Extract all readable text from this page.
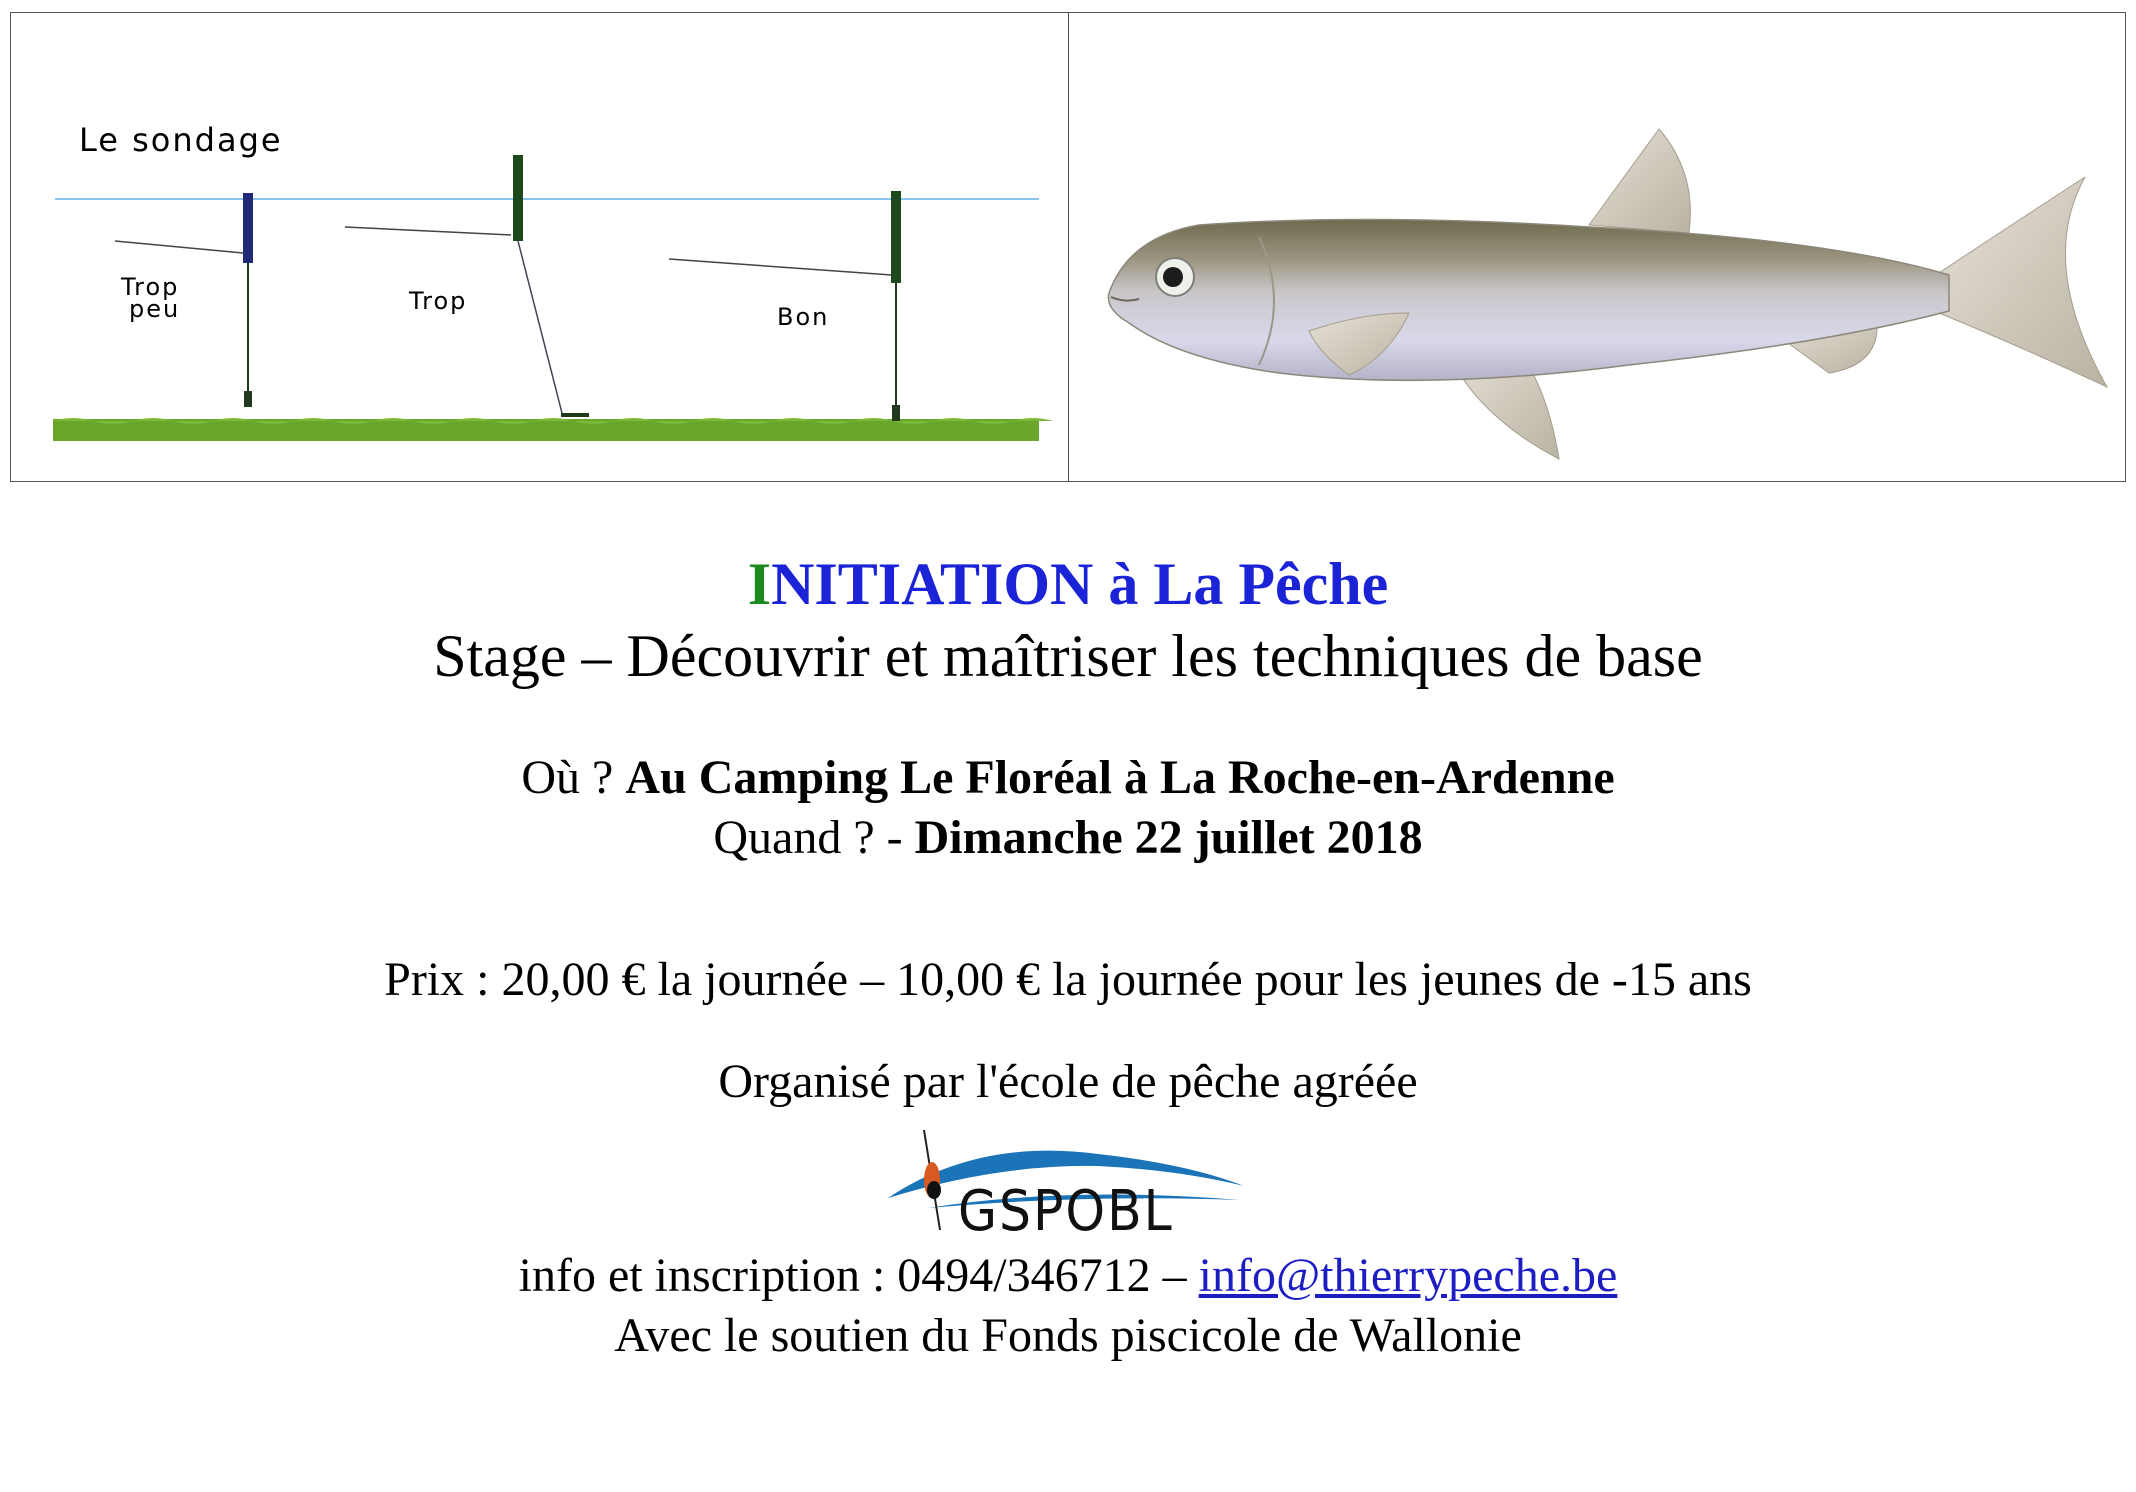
Le sondage
Trop
peu	Trop
Bon

INITIATION à La Pêche

Stage – Découvrir et maîtriser les techniques de base

Où ? Au Camping Le Floréal à La Roche-en-Ardenne

Quand ? - Dimanche 22 juillet 2018

Prix : 20,00 € la journée – 10,00 € la journée pour les jeunes de -15 ans

Organisé par l'école de pêche agréée

GSPOBL

info et inscription : 0494/346712 – info@thierrypeche.be

Avec le soutien du Fonds piscicole de Wallonie
